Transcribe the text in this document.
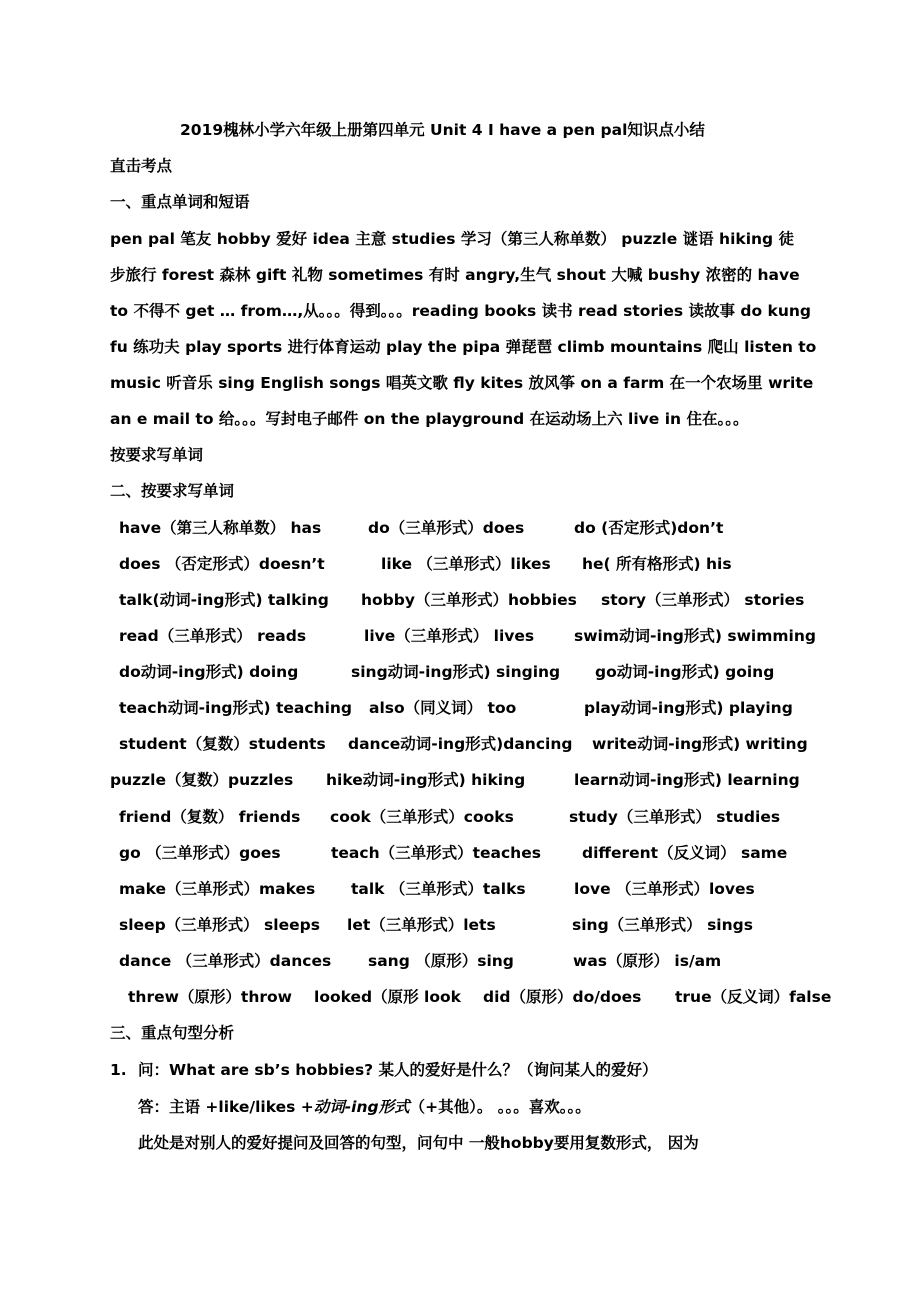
2019槐林小学六年级上册第四单元 Unit 4 I have a pen pal知识点小结
直击考点
一、重点单词和短语
pen pal 笔友 hobby 爱好 idea 主意 studies 学习（第三人称单数） puzzle 谜语 hiking 徒
步旅行 forest 森林 gift 礼物 sometimes 有时 angry,生气 shout 大喊 bushy 浓密的 have
to 不得不 get … from…,从。。。得到。。。reading books 读书 read stories 读故事 do kung
fu 练功夫 play sports 进行体育运动 play the pipa 弹琵琶 climb mountains 爬山 listen to
music 听音乐 sing English songs 唱英文歌 fly kites 放风筝 on a farm 在一个农场里 write
an e mail to 给。。。写封电子邮件 on the playground 在运动场上六 live in 住在。。。
按要求写单词
二、按要求写单词
have（第三人称单数） has	do（三单形式）does	do (否定形式)don’t
does （否定形式）doesn’t	like （三单形式）likes he( 所有格形式) his
talk(动词-ing形式) talking hobby（三单形式）hobbies story（三单形式） stories
read（三单形式） reads	live（三单形式） lives	swim动词-ing形式) swimming
do动词-ing形式) doing	sing动词-ing形式) singing go动词-ing形式) going
teach动词-ing形式) teaching also（同义词） too	play动词-ing形式) playing
student（复数）students dance动词-ing形式)dancing write动词-ing形式) writing
puzzle（复数）puzzles hike动词-ing形式) hiking	learn动词-ing形式) learning
friend（复数） friends cook（三单形式）cooks	study（三单形式） studies
go （三单形式）goes	teach（三单形式）teaches	different（反义词） same
make（三单形式）makes talk （三单形式）talks	love （三单形式）loves
sleep（三单形式） sleeps let（三单形式）lets	sing（三单形式） sings
dance （三单形式）dances sang （原形）sing	was（原形） is/am
threw（原形）throw looked（原形 look did（原形）do/does true（反义词）false
三、重点句型分析
1. 问：What are sb’s hobbies? 某人的爱好是什么？（询问某人的爱好）
答：主语 +like/likes +动词-ing形式（+其他）。 。。。喜欢。。。
此处是对别人的爱好提问及回答的句型，问句中 一般hobby要用复数形式， 因为
